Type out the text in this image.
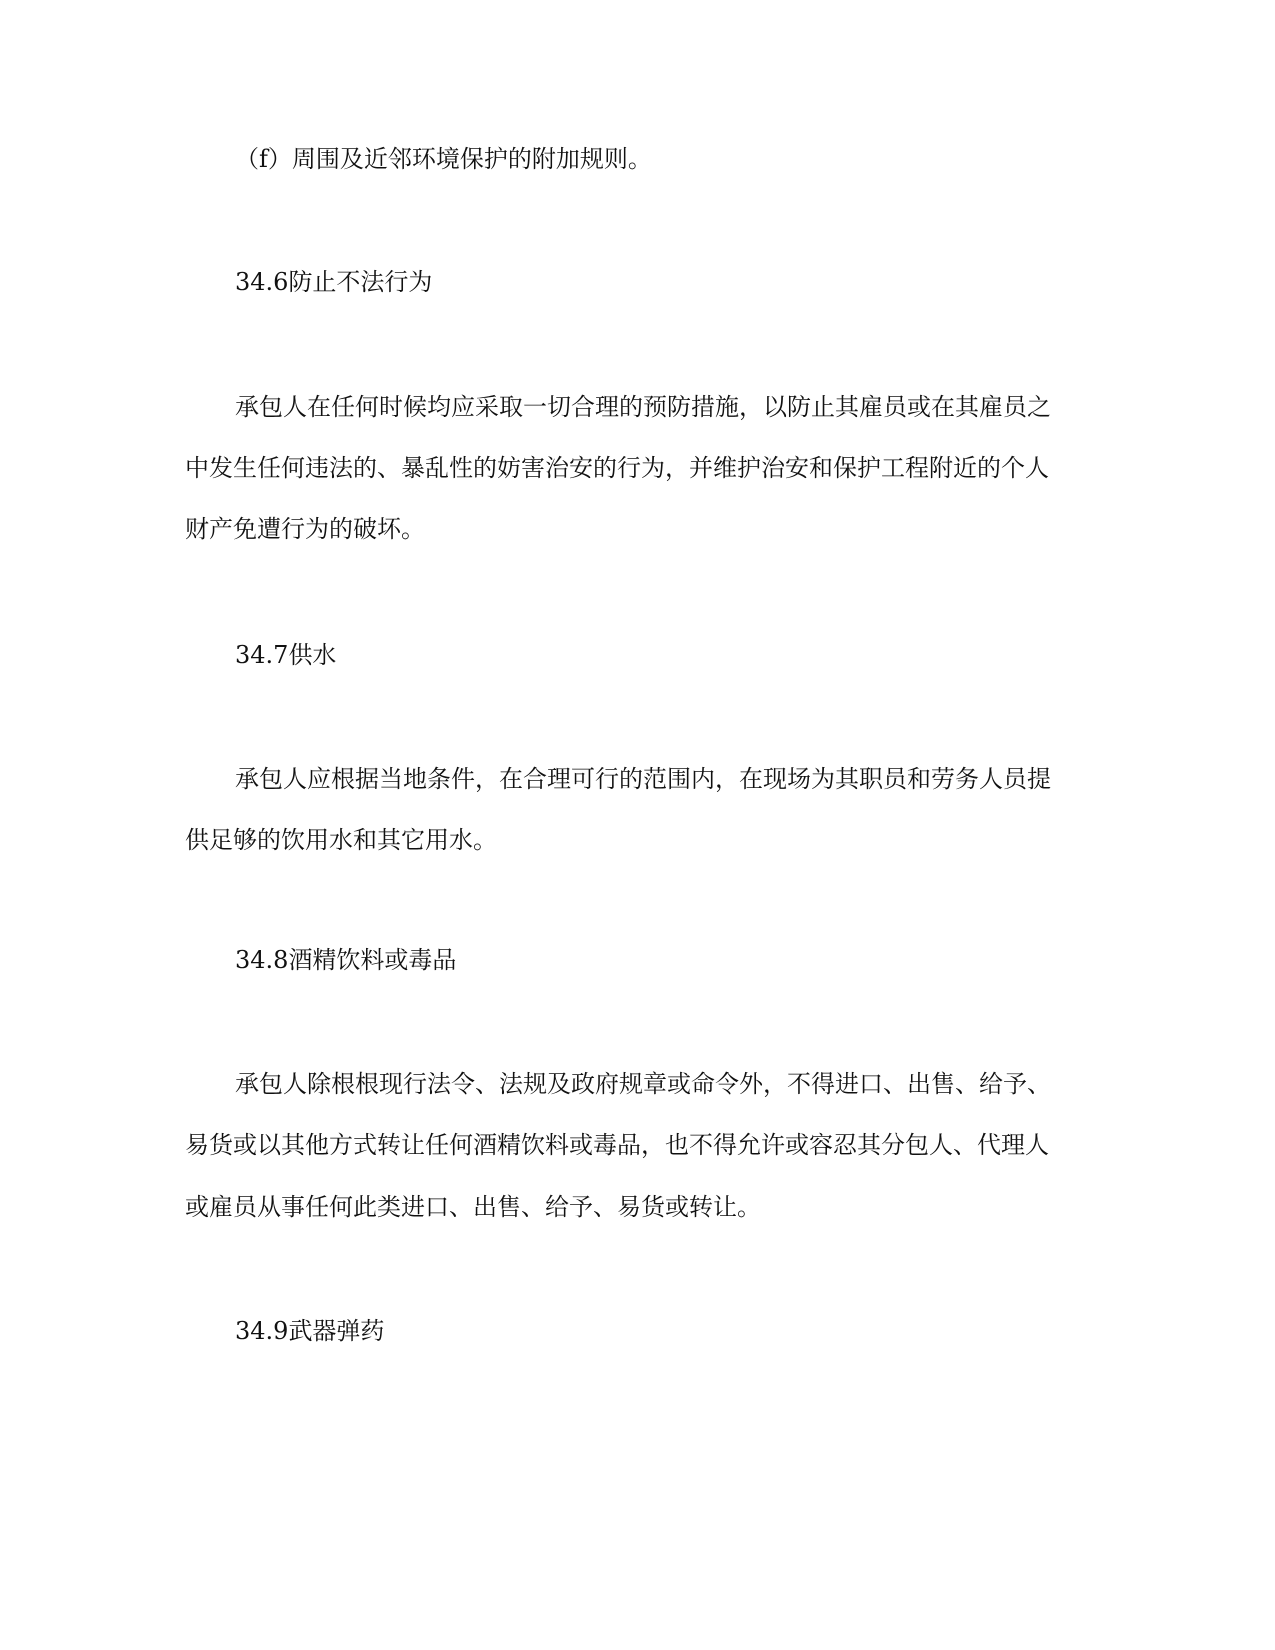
（f）周围及近邻环境保护的附加规则。
34.6防止不法行为
承包人在任何时候均应采取一切合理的预防措施，以防止其雇员或在其雇员之
中发生任何违法的、暴乱性的妨害治安的行为，并维护治安和保护工程附近的个人
财产免遭行为的破坏。
34.7供水
承包人应根据当地条件，在合理可行的范围内，在现场为其职员和劳务人员提
供足够的饮用水和其它用水。
34.8酒精饮料或毒品
承包人除根根现行法令、法规及政府规章或命令外，不得进口、出售、给予、
易货或以其他方式转让任何酒精饮料或毒品，也不得允许或容忍其分包人、代理人
或雇员从事任何此类进口、出售、给予、易货或转让。
34.9武器弹药
